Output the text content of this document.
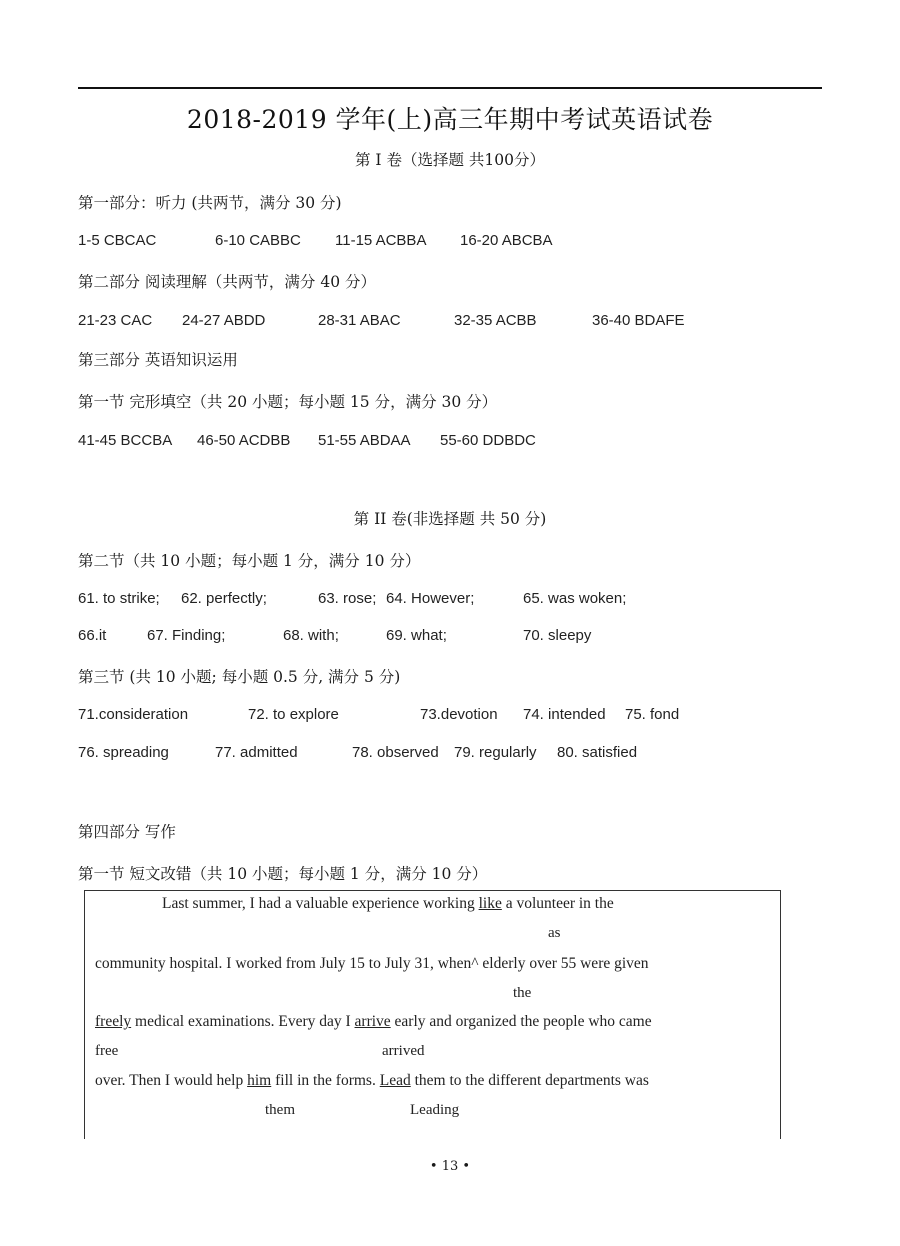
2018-2019 学年(上)高三年期中考试英语试卷
第 I 卷（选择题 共100分）
第一部分：听力 (共两节，满分 30 分)
1-5 CBCAC	6-10 CABBC 11-15 ACBBA 16-20 ABCBA
第二部分 阅读理解（共两节，满分 40 分）
21-23 CAC 24-27 ABDD	28-31 ABAC	32-35 ACBB	36-40 BDAFE
第三部分 英语知识运用
第一节 完形填空（共 20 小题；每小题 15 分，满分 30 分）
41-45 BCCBA 46-50 ACDBB 51-55 ABDAA 55-60 DDBDC
第 II 卷(非选择题 共 50 分)
第二节（共 10 小题；每小题 1 分，满分 10 分）
61. to strike; 62. perfectly;	63. rose; 64. However;	65. was woken;
66.it	67. Finding;	68. with;	69. what;	70. sleepy
第三节 (共 10 小题; 每小题 0.5 分, 满分 5 分)
71.consideration	72. to explore	73.devotion 74. intended 75. fond
76. spreading	77. admitted	78. observed 79. regularly 80. satisfied
第四部分 写作
第一节 短文改错（共 10 小题；每小题 1 分，满分 10 分）
Last summer, I had a valuable experience working like a volunteer in the
as
community hospital. I worked from July 15 to July 31, when^ elderly over 55 were given
the
freely medical examinations. Every day I arrive early and organized the people who came
free	arrived
over. Then I would help him fill in the forms. Lead them to the different departments was
them	Leading
• 13 •
